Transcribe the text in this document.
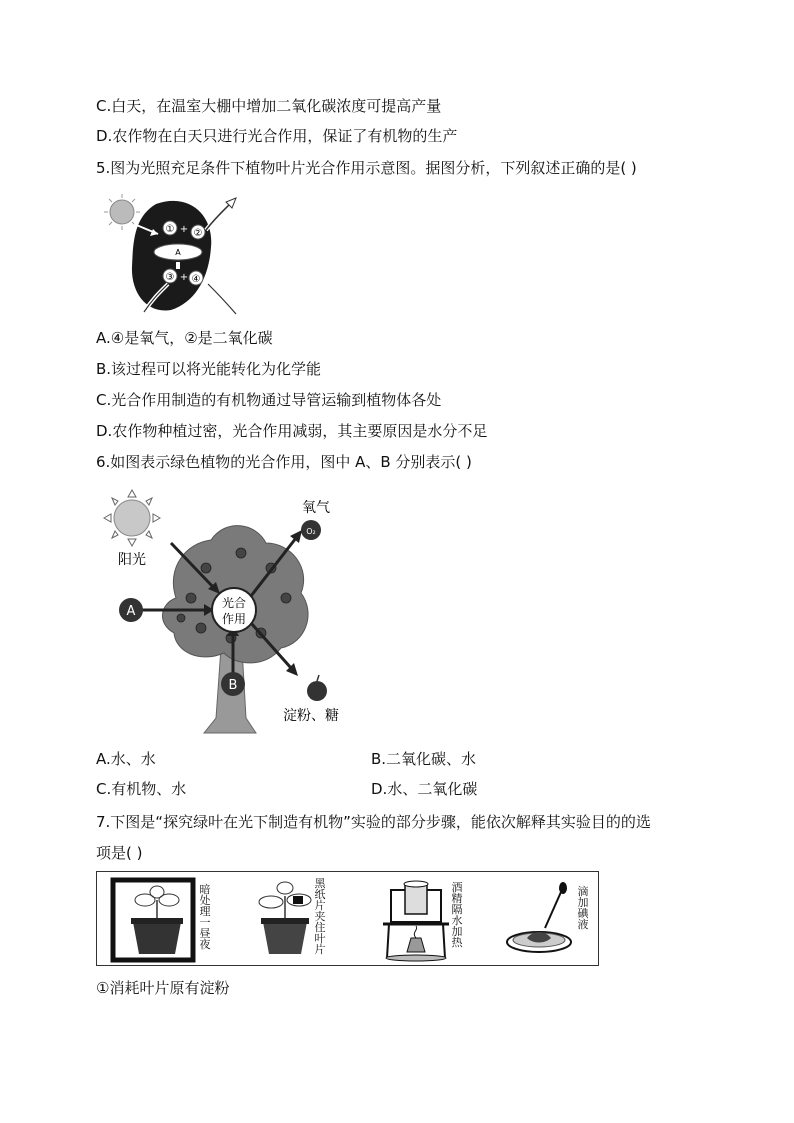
C.白天，在温室大棚中增加二氧化碳浓度可提高产量
D.农作物在白天只进行光合作用，保证了有机物的生产
5.图为光照充足条件下植物叶片光合作用示意图。据图分析，下列叙述正确的是( )
① + ②
A
③ + ④
A.④是氧气，②是二氧化碳
B.该过程可以将光能转化为化学能
C.光合作用制造的有机物通过导管运输到植物体各处
D.农作物种植过密，光合作用减弱，其主要原因是水分不足
6.如图表示绿色植物的光合作用，图中 A、B 分别表示( )
阳光
A
B
O₂
氧气
淀粉、糖
光合
作用
A.水、水	B.二氧化碳、水
C.有机物、水	D.水、二氧化碳
7.下图是“探究绿叶在光下制造有机物”实验的部分步骤，能依次解释其实验目的的选
项是( )
暗处理一昼夜
黑纸片夹住叶片
酒精隔水加热
滴加碘液
①消耗叶片原有淀粉
